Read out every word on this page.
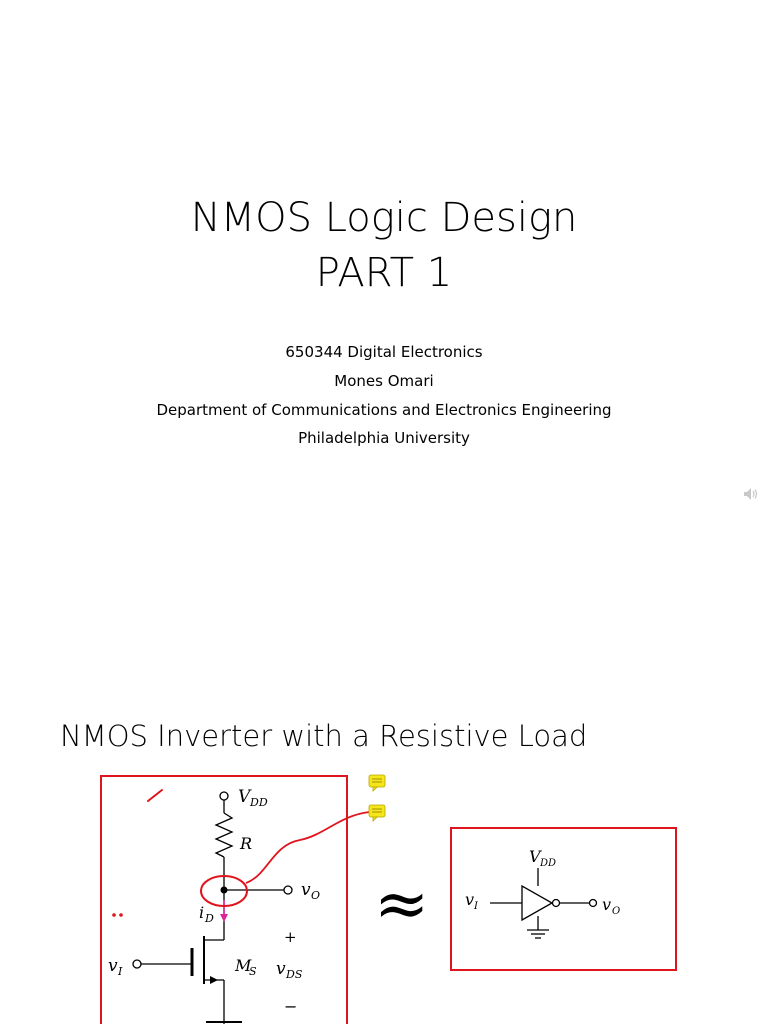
NMOS Logic Design
PART 1
650344 Digital Electronics
Mones Omari
Department of Communications and Electronics Engineering
Philadelphia University
NMOS Inverter with a Resistive Load
V DD
R
v O
i D
+
−
v I	M
S v DS
≈
V DD
v I	v O
